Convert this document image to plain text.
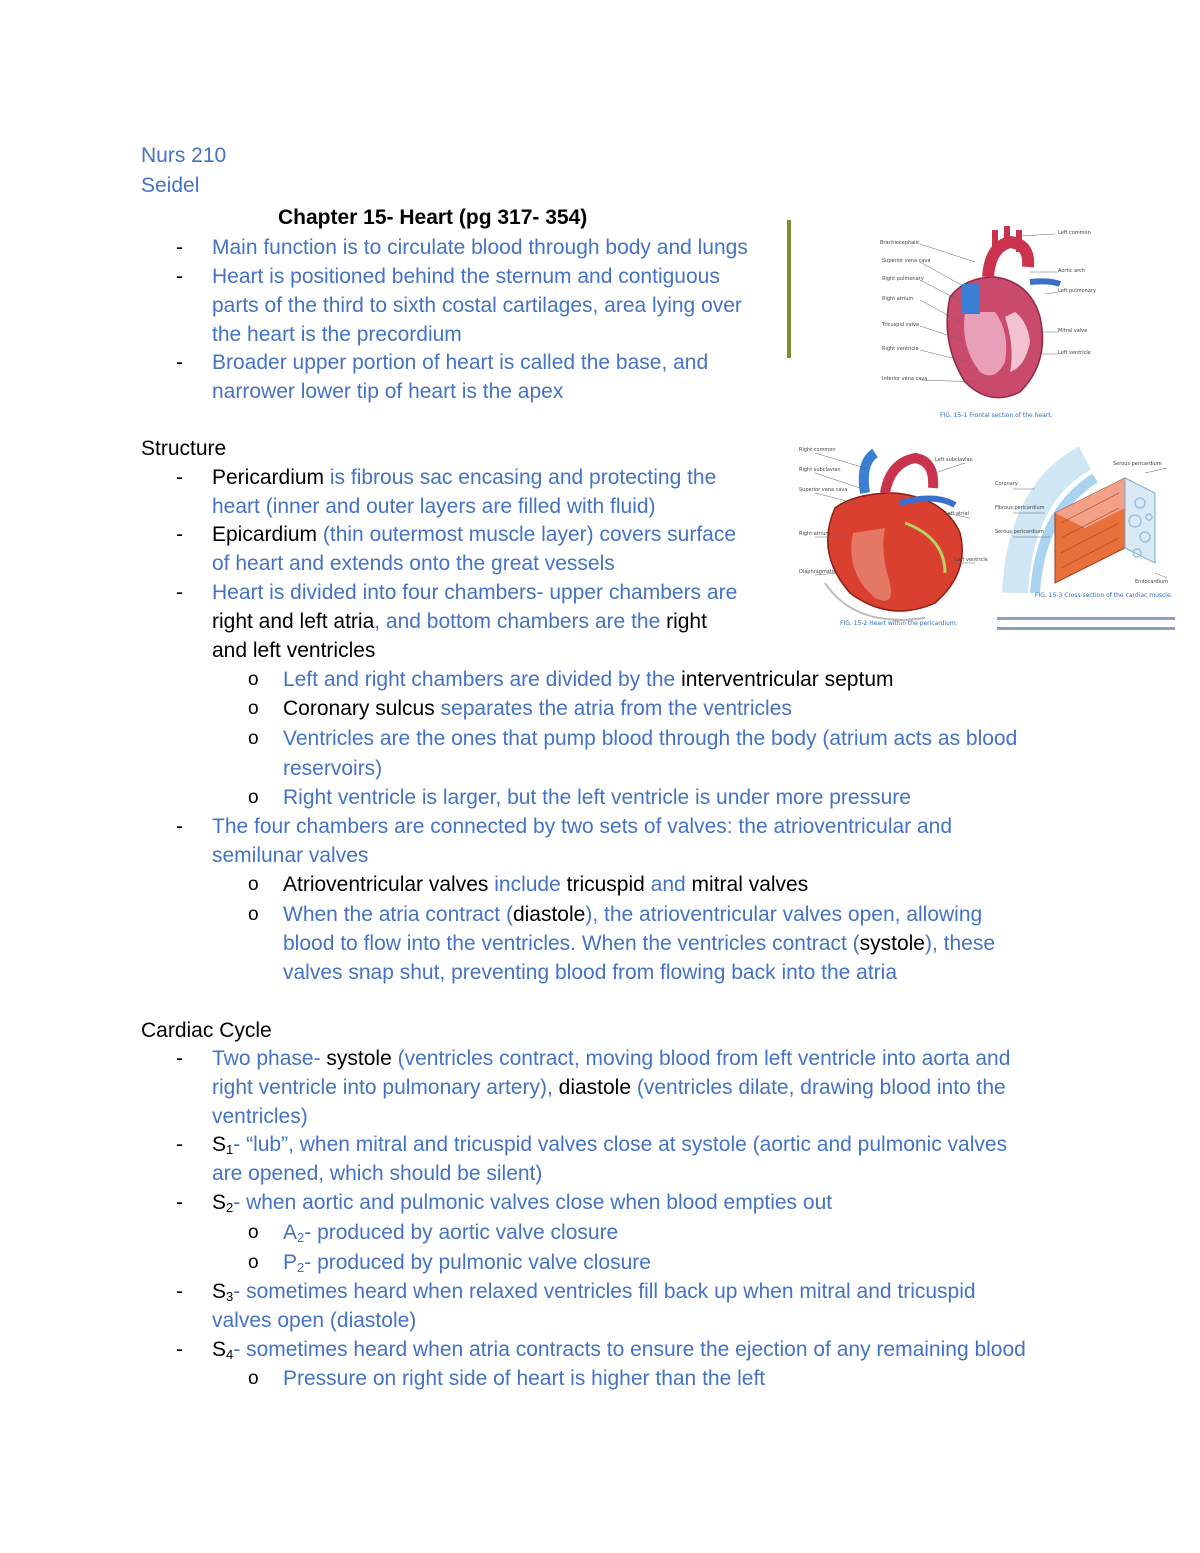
Nurs 210
Seidel
Chapter 15- Heart (pg 317- 354)
- Main function is to circulate blood through body and lungs
- Heart is positioned behind the sternum and contiguous
parts of the third to sixth costal cartilages, area lying over
the heart is the precordium
- Broader upper portion of heart is called the base, and
narrower lower tip of heart is the apex
Brachiocephalic
Superior vena cava
Right pulmonary
Right atrium
Tricuspid valve
Right ventricle
Inferior vena cava
Left common
Aortic arch
Left pulmonary
Mitral valve
Left ventricle
FIG. 15-1 Frontal section of the heart.
Right common
Right subclavian
Superior vena cava
Right atrium
Diaphragmatic
Left subclavian
Left atrial
Left ventricle
FIG. 15-2 Heart within the pericardium.
Coronary
Fibrous pericardium
Serous pericardium
Serous pericardium
Endocardium
FIG. 15-3 Cross section of the cardiac muscle.
Structure
- Pericardium is fibrous sac encasing and protecting the
heart (inner and outer layers are filled with fluid)
- Epicardium (thin outermost muscle layer) covers surface
of heart and extends onto the great vessels
- Heart is divided into four chambers- upper chambers are
right and left atria, and bottom chambers are the right
and left ventricles
o Left and right chambers are divided by the interventricular septum
o Coronary sulcus separates the atria from the ventricles
o Ventricles are the ones that pump blood through the body (atrium acts as blood
reservoirs)
o Right ventricle is larger, but the left ventricle is under more pressure
- The four chambers are connected by two sets of valves: the atrioventricular and
semilunar valves
o Atrioventricular valves include tricuspid and mitral valves
o When the atria contract (diastole), the atrioventricular valves open, allowing
blood to flow into the ventricles. When the ventricles contract (systole), these
valves snap shut, preventing blood from flowing back into the atria
Cardiac Cycle
- Two phase- systole (ventricles contract, moving blood from left ventricle into aorta and
right ventricle into pulmonary artery), diastole (ventricles dilate, drawing blood into the
ventricles)
- $S_1-$ “lub”, when mitral and tricuspid valves close at systole (aortic and pulmonic valves
are opened, which should be silent)
- $S_2-$ when aortic and pulmonic valves close when blood empties out
o $A_2-$ produced by aortic valve closure
o $P_2-$ produced by pulmonic valve closure
- $S_3-$ sometimes heard when relaxed ventricles fill back up when mitral and tricuspid
valves open (diastole)
- $S_4-$ sometimes heard when atria contracts to ensure the ejection of any remaining blood
o Pressure on right side of heart is higher than the left
